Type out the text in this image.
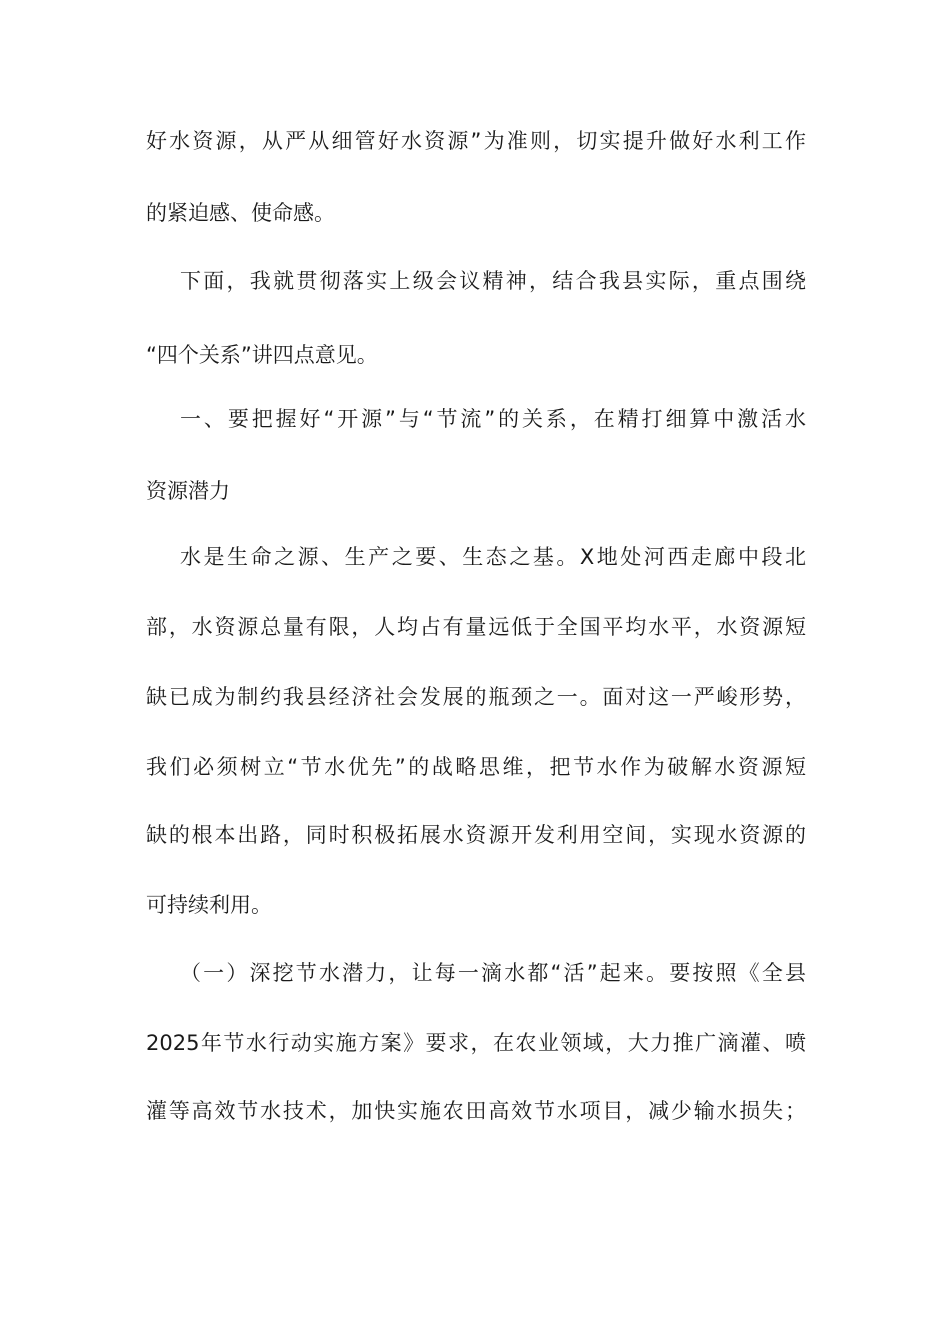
好水资源，从严从细管好水资源”为准则，切实提升做好水利工作
的紧迫感、使命感。
下面，我就贯彻落实上级会议精神，结合我县实际，重点围绕
“四个关系”讲四点意见。
一、要把握好“开源”与“节流”的关系，在精打细算中激活水
资源潜力
水是生命之源、生产之要、生态之基。X地处河西走廊中段北
部，水资源总量有限，人均占有量远低于全国平均水平，水资源短
缺已成为制约我县经济社会发展的瓶颈之一。面对这一严峻形势，
我们必须树立“节水优先”的战略思维，把节水作为破解水资源短
缺的根本出路，同时积极拓展水资源开发利用空间，实现水资源的
可持续利用。
（一）深挖节水潜力，让每一滴水都“活”起来。要按照《全县
2025年节水行动实施方案》要求，在农业领域，大力推广滴灌、喷
灌等高效节水技术，加快实施农田高效节水项目，减少输水损失；
